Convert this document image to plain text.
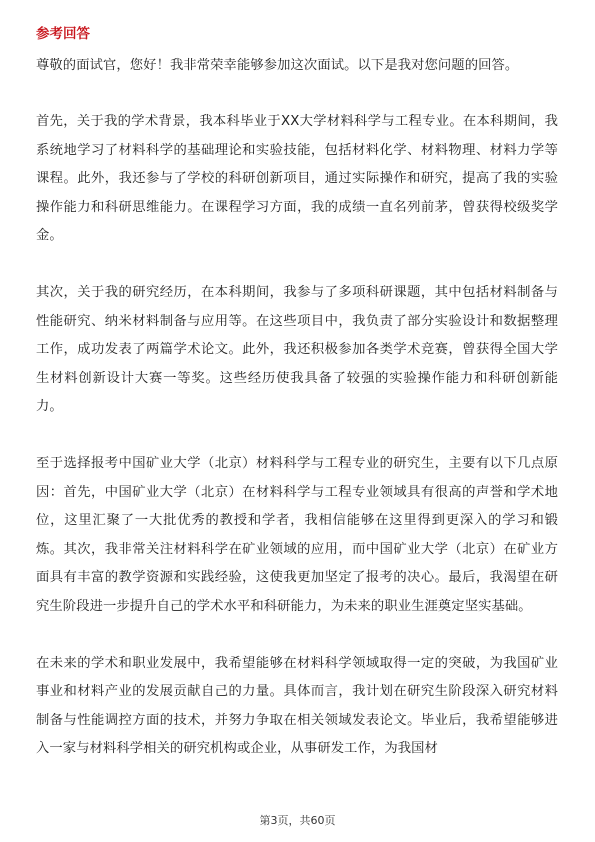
参考回答

尊敬的面试官，您好！我非常荣幸能够参加这次面试。以下是我对您问题的回答。

首先，关于我的学术背景，我本科毕业于XX大学材料科学与工程专业。在本科期间，我系统地学习了材料科学的基础理论和实验技能，包括材料化学、材料物理、材料力学等课程。此外，我还参与了学校的科研创新项目，通过实际操作和研究，提高了我的实验操作能力和科研思维能力。在课程学习方面，我的成绩一直名列前茅，曾获得校级奖学金。

其次，关于我的研究经历，在本科期间，我参与了多项科研课题，其中包括材料制备与性能研究、纳米材料制备与应用等。在这些项目中，我负责了部分实验设计和数据整理工作，成功发表了两篇学术论文。此外，我还积极参加各类学术竞赛，曾获得全国大学生材料创新设计大赛一等奖。这些经历使我具备了较强的实验操作能力和科研创新能力。

至于选择报考中国矿业大学（北京）材料科学与工程专业的研究生，主要有以下几点原因：首先，中国矿业大学（北京）在材料科学与工程专业领域具有很高的声誉和学术地位，这里汇聚了一大批优秀的教授和学者，我相信能够在这里得到更深入的学习和锻炼。其次，我非常关注材料科学在矿业领域的应用，而中国矿业大学（北京）在矿业方面具有丰富的教学资源和实践经验，这使我更加坚定了报考的决心。最后，我渴望在研究生阶段进一步提升自己的学术水平和科研能力，为未来的职业生涯奠定坚实基础。

在未来的学术和职业发展中，我希望能够在材料科学领域取得一定的突破，为我国矿业事业和材料产业的发展贡献自己的力量。具体而言，我计划在研究生阶段深入研究材料制备与性能调控方面的技术，并努力争取在相关领域发表论文。毕业后，我希望能够进入一家与材料科学相关的研究机构或企业，从事研发工作，为我国材

第3页，共60页
